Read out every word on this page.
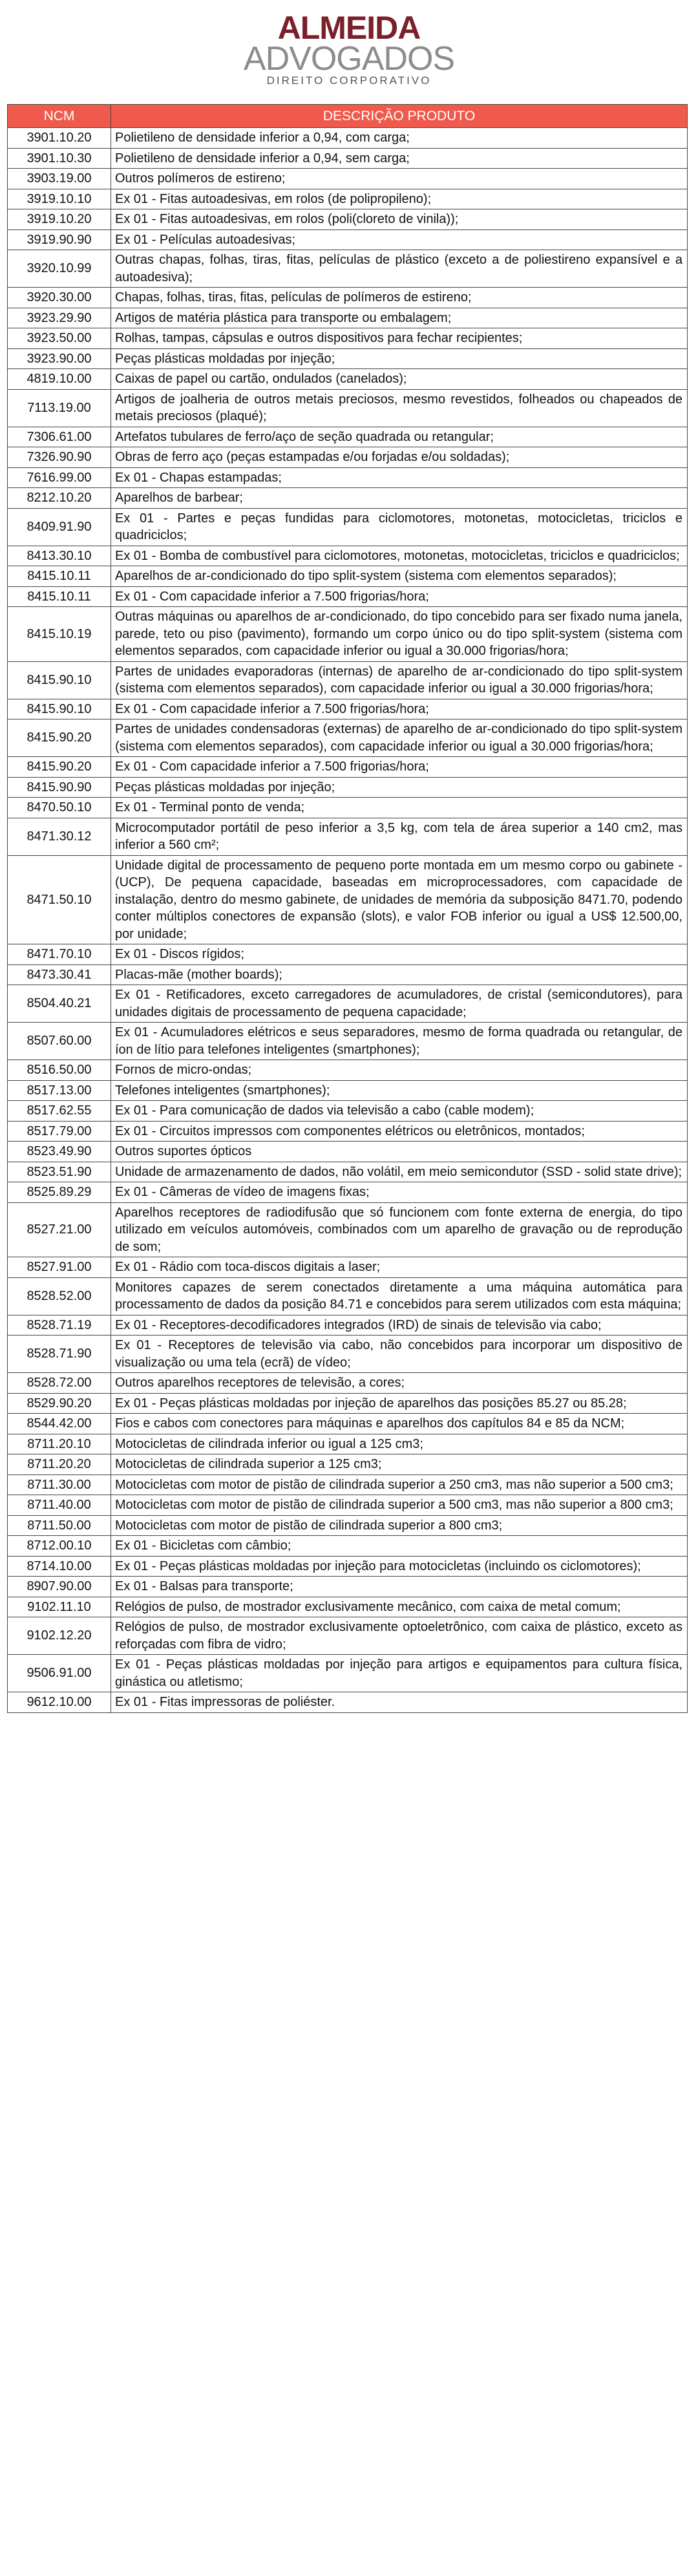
ALMEIDA
ADVOGADOS
DIREITO CORPORATIVO
NCM	DESCRIÇÃO PRODUTO
3901.10.20	Polietileno de densidade inferior a 0,94, com carga;
3901.10.30	Polietileno de densidade inferior a 0,94, sem carga;
3903.19.00	Outros polímeros de estireno;
3919.10.10	Ex 01 - Fitas autoadesivas, em rolos (de polipropileno);
3919.10.20	Ex 01 - Fitas autoadesivas, em rolos (poli(cloreto de vinila));
3919.90.90	Ex 01 - Películas autoadesivas;
3920.10.99	Outras chapas, folhas, tiras, fitas, películas de plástico (exceto a de poliestireno expansível e a autoadesiva);
3920.30.00	Chapas, folhas, tiras, fitas, películas de polímeros de estireno;
3923.29.90	Artigos de matéria plástica para transporte ou embalagem;
3923.50.00	Rolhas, tampas, cápsulas e outros dispositivos para fechar recipientes;
3923.90.00	Peças plásticas moldadas por injeção;
4819.10.00	Caixas de papel ou cartão, ondulados (canelados);
7113.19.00	Artigos de joalheria de outros metais preciosos, mesmo revestidos, folheados ou chapeados de metais preciosos (plaqué);
7306.61.00	Artefatos tubulares de ferro/aço de seção quadrada ou retangular;
7326.90.90	Obras de ferro aço (peças estampadas e/ou forjadas e/ou soldadas);
7616.99.00	Ex 01 - Chapas estampadas;
8212.10.20	Aparelhos de barbear;
8409.91.90	Ex 01 - Partes e peças fundidas para ciclomotores, motonetas, motocicletas, triciclos e quadriciclos;
8413.30.10	Ex 01 - Bomba de combustível para ciclomotores, motonetas, motocicletas, triciclos e quadriciclos;
8415.10.11	Aparelhos de ar-condicionado do tipo split-system (sistema com elementos separados);
8415.10.11	Ex 01 - Com capacidade inferior a 7.500 frigorias/hora;
8415.10.19	Outras máquinas ou aparelhos de ar-condicionado, do tipo concebido para ser fixado numa janela, parede, teto ou piso (pavimento), formando um corpo único ou do tipo split-system (sistema com elementos separados, com capacidade inferior ou igual a 30.000 frigorias/hora;
8415.90.10	Partes de unidades evaporadoras (internas) de aparelho de ar-condicionado do tipo split-system (sistema com elementos separados), com capacidade inferior ou igual a 30.000 frigorias/hora;
8415.90.10	Ex 01 - Com capacidade inferior a 7.500 frigorias/hora;
8415.90.20	Partes de unidades condensadoras (externas) de aparelho de ar-condicionado do tipo split-system (sistema com elementos separados), com capacidade inferior ou igual a 30.000 frigorias/hora;
8415.90.20	Ex 01 - Com capacidade inferior a 7.500 frigorias/hora;
8415.90.90	Peças plásticas moldadas por injeção;
8470.50.10	Ex 01 - Terminal ponto de venda;
8471.30.12	Microcomputador portátil de peso inferior a 3,5 kg, com tela de área superior a 140 cm2, mas inferior a 560 cm²;
8471.50.10	Unidade digital de processamento de pequeno porte montada em um mesmo corpo ou gabinete - (UCP), De pequena capacidade, baseadas em microprocessadores, com capacidade de instalação, dentro do mesmo gabinete, de unidades de memória da subposição 8471.70, podendo conter múltiplos conectores de expansão (slots), e valor FOB inferior ou igual a US$ 12.500,00, por unidade;
8471.70.10	Ex 01 - Discos rígidos;
8473.30.41	Placas-mãe (mother boards);
8504.40.21	Ex 01 - Retificadores, exceto carregadores de acumuladores, de cristal (semicondutores), para unidades digitais de processamento de pequena capacidade;
8507.60.00	Ex 01 - Acumuladores elétricos e seus separadores, mesmo de forma quadrada ou retangular, de íon de lítio para telefones inteligentes (smartphones);
8516.50.00	Fornos de micro-ondas;
8517.13.00	Telefones inteligentes (smartphones);
8517.62.55	Ex 01 - Para comunicação de dados via televisão a cabo (cable modem);
8517.79.00	Ex 01 - Circuitos impressos com componentes elétricos ou eletrônicos, montados;
8523.49.90	Outros suportes ópticos
8523.51.90	Unidade de armazenamento de dados, não volátil, em meio semicondutor (SSD - solid state drive);
8525.89.29	Ex 01 - Câmeras de vídeo de imagens fixas;
8527.21.00	Aparelhos receptores de radiodifusão que só funcionem com fonte externa de energia, do tipo utilizado em veículos automóveis, combinados com um aparelho de gravação ou de reprodução de som;
8527.91.00	Ex 01 - Rádio com toca-discos digitais a laser;
8528.52.00	Monitores capazes de serem conectados diretamente a uma máquina automática para processamento de dados da posição 84.71 e concebidos para serem utilizados com esta máquina;
8528.71.19	Ex 01 - Receptores-decodificadores integrados (IRD) de sinais de televisão via cabo;
8528.71.90	Ex 01 - Receptores de televisão via cabo, não concebidos para incorporar um dispositivo de visualização ou uma tela (ecrã) de vídeo;
8528.72.00	Outros aparelhos receptores de televisão, a cores;
8529.90.20	Ex 01 - Peças plásticas moldadas por injeção de aparelhos das posições 85.27 ou 85.28;
8544.42.00	Fios e cabos com conectores para máquinas e aparelhos dos capítulos 84 e 85 da NCM;
8711.20.10	Motocicletas de cilindrada inferior ou igual a 125 cm3;
8711.20.20	Motocicletas de cilindrada superior a 125 cm3;
8711.30.00	Motocicletas com motor de pistão de cilindrada superior a 250 cm3, mas não superior a 500 cm3;
8711.40.00	Motocicletas com motor de pistão de cilindrada superior a 500 cm3, mas não superior a 800 cm3;
8711.50.00	Motocicletas com motor de pistão de cilindrada superior a 800 cm3;
8712.00.10	Ex 01 - Bicicletas com câmbio;
8714.10.00	Ex 01 - Peças plásticas moldadas por injeção para motocicletas (incluindo os ciclomotores);
8907.90.00	Ex 01 - Balsas para transporte;
9102.11.10	Relógios de pulso, de mostrador exclusivamente mecânico, com caixa de metal comum;
9102.12.20	Relógios de pulso, de mostrador exclusivamente optoeletrônico, com caixa de plástico, exceto as reforçadas com fibra de vidro;
9506.91.00	Ex 01 - Peças plásticas moldadas por injeção para artigos e equipamentos para cultura física, ginástica ou atletismo;
9612.10.00	Ex 01 - Fitas impressoras de poliéster.
